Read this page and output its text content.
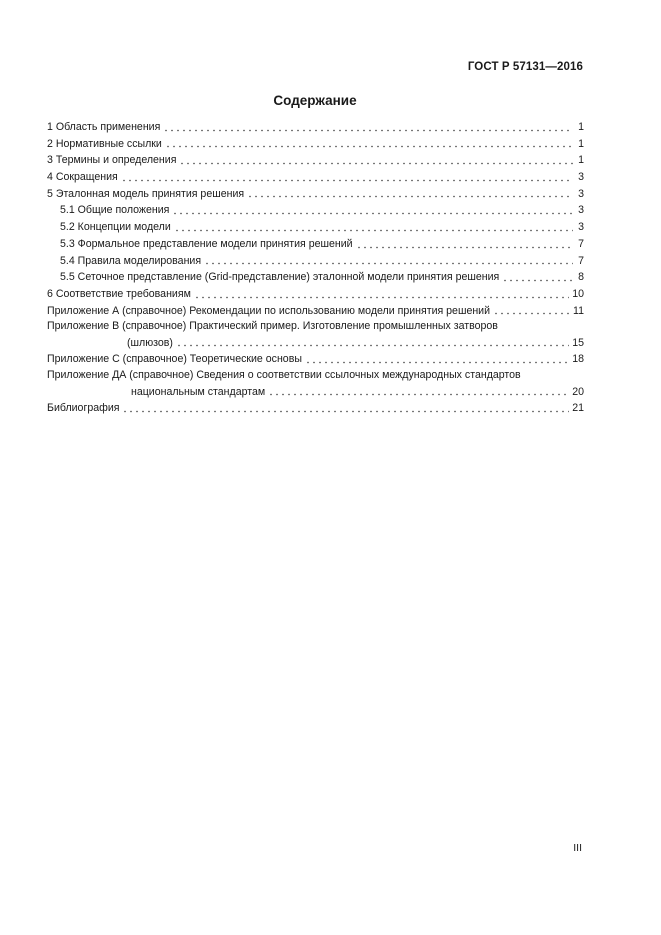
ГОСТ Р 57131—2016
Содержание
1 Область применения	1
2 Нормативные ссылки	1
3 Термины и определения	1
4 Сокращения	3
5 Эталонная модель принятия решения	3
5.1 Общие положения	3
5.2 Концепции модели	3
5.3 Формальное представление модели принятия решений	7
5.4 Правила моделирования	7
5.5 Сеточное представление (Grid-представление) эталонной модели принятия решения	8
6 Соответствие требованиям	10
Приложение А (справочное) Рекомендации по использованию модели принятия решений	11
Приложение В (справочное) Практический пример. Изготовление промышленных затворов
(шлюзов)	15
Приложение С (справочное) Теоретические основы	18
Приложение ДА (справочное) Сведения о соответствии ссылочных международных стандартов
национальным стандартам	20
Библиография	21
III
